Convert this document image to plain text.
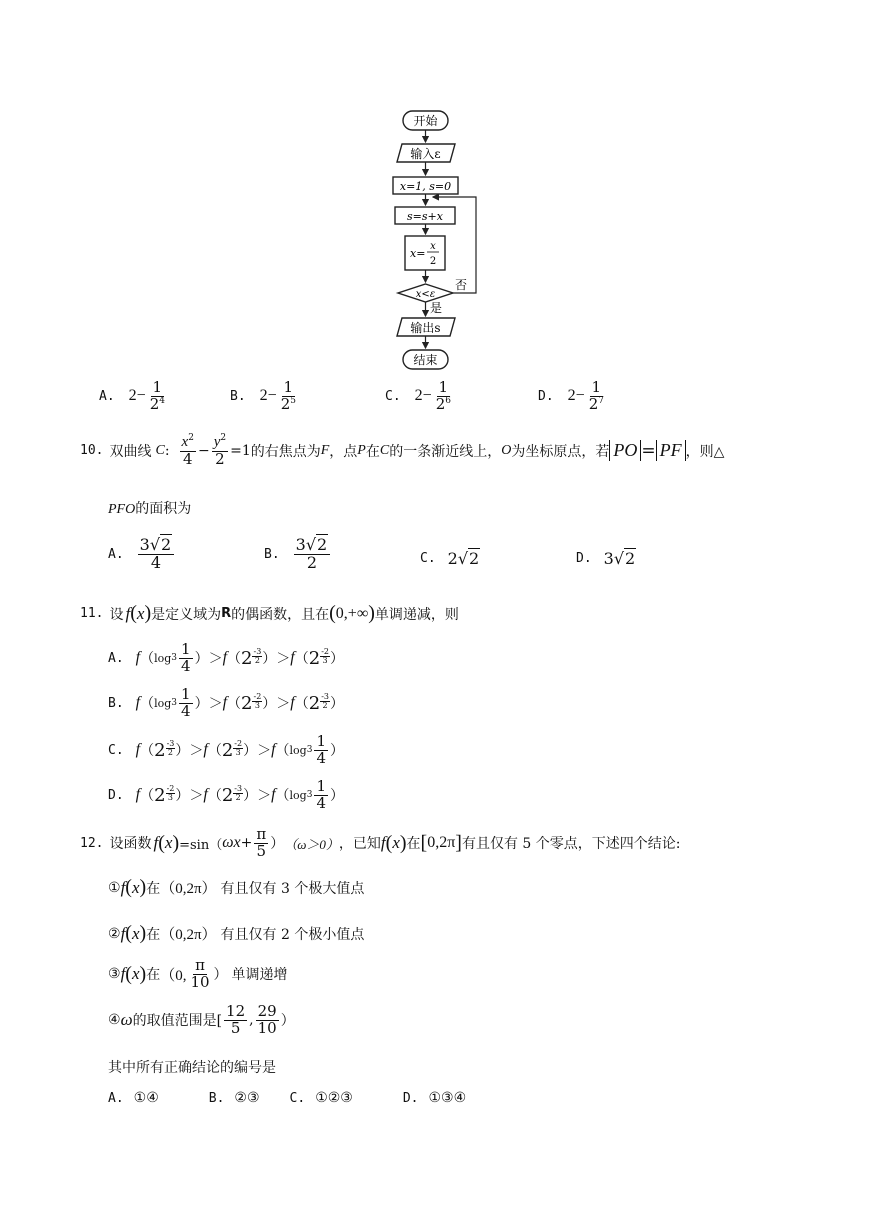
开始
输入ε
x=1, s=0
s=s+x
x=
x
2
x<ε
否
是
输出s
结束
A. $2- \frac{1}{2^4}$	B. $2- \frac{1}{2^5}$	C. $2- \frac{1}{2^6}$	D. $2- \frac{1}{2^7}$
10. 双曲线 C : $\frac{x^2}{4} - \frac{y^2}{2} =1$ 的右焦点为 F ，点 P 在 C 的一条渐近线上， O 为坐标原点，若 PO = PF ，则△
PFO的面积为
A. $\frac{3√2}{4}$	B. $\frac{3√2}{2}$	C. 2√2	D. 3√2
11. 设 f ( x ) 是定义域为 R 的偶函数，且在 ( 0,+∞ ) 单调递减，则
A. f （ $\log 3 \frac{1}{4}$ ） ＞ f （ 2 -3
2 ） ＞ f （ 2 -2
3 ）
B. f （ $\log 3 \frac{1}{4}$ ） ＞ f （ 2 -2
3 ） ＞ f （ 2 -3
2 ）
C. f （ 2 -3
2 ） ＞ f （ 2 -2
3 ） ＞ f （ $\log 3 \frac{1}{4}$ ）
D. f （ 2 -2
3 ） ＞ f （ 2 -3
2 ） ＞ f （ $\log 3 \frac{1}{4}$ ）
12. 设函数 f ( x ) =sin（ $\omega x + \frac{\pi}{5}$ ） （ω＞0） ，已知 f ( x ) 在 [ 0,2π ] 有且仅有 5 个零点，下述四个结论:
① f ( x ) 在 （0,2π） 有且仅有 3 个极大值点
② f ( x ) 在 （0,2π） 有且仅有 2 个极小值点
③ f ( x ) 在 （0, $\frac{\pi}{10}$ ） 单调递增
④ ω 的取值范围是[ $\frac{12}{5}$ , $\frac{29}{10}$ ）
其中所有正确结论的编号是
A. ①④	B. ②③ C. ①②③	D. ①③④
